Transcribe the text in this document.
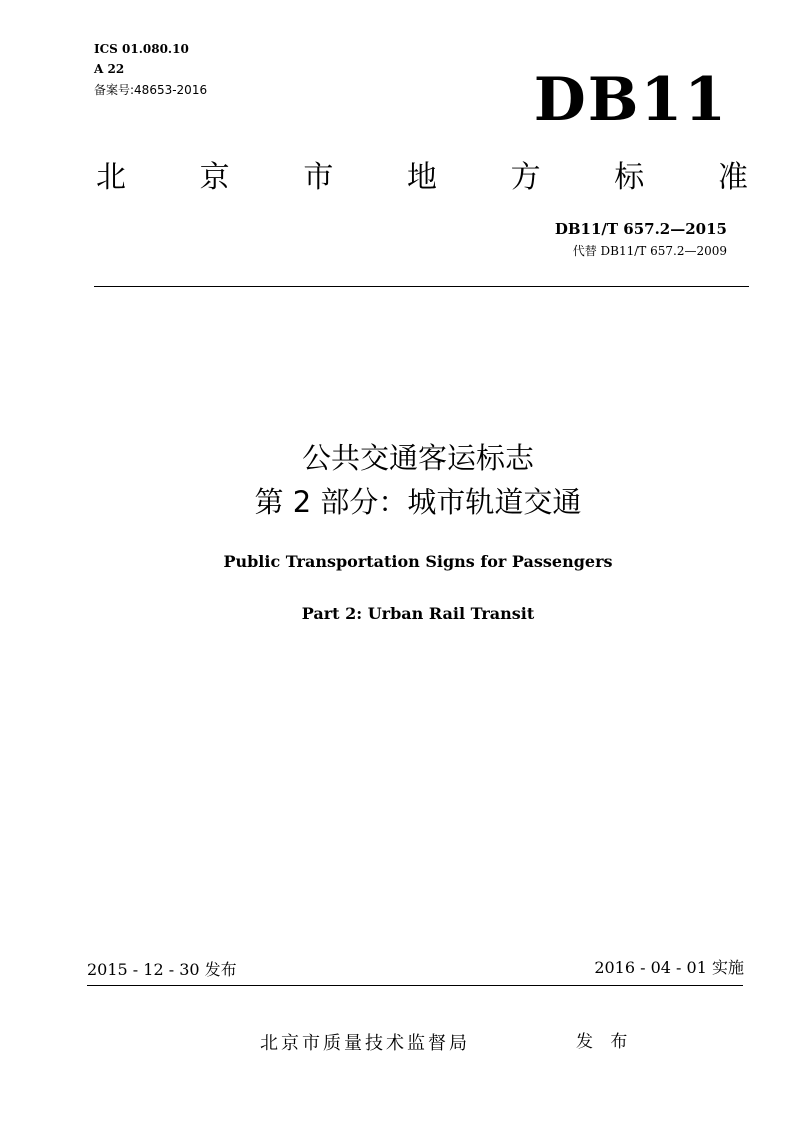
ICS 01.080.10
A 22
备案号:48653-2016	DB11
北 京 市 地 方 标 准
DB11/T 657.2—2015
代替 DB11/T 657.2—2009
公共交通客运标志
第 2 部分：城市轨道交通
Public Transportation Signs for Passengers
Part 2: Urban Rail Transit
2015 - 12 - 30 发布	2016 - 04 - 01 实施
北京市质量技术监督局	发 布
